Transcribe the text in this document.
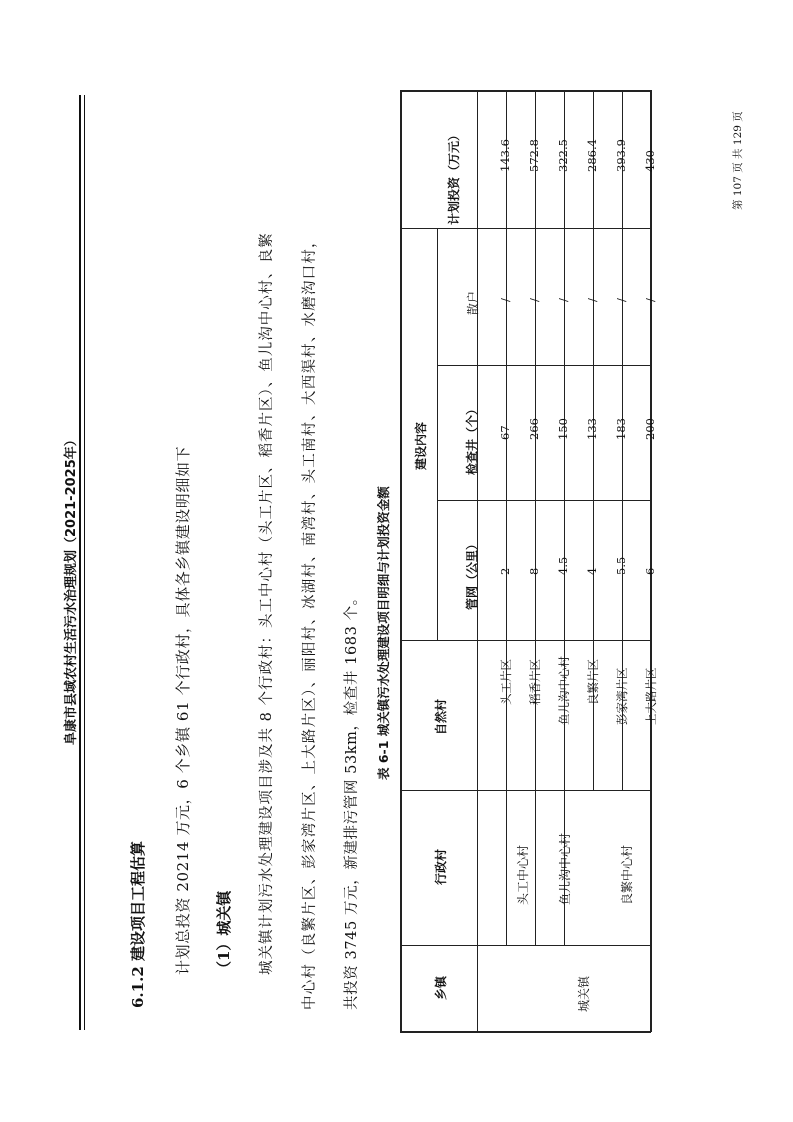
阜康市县域农村生活污水治理规划（2021-2025年）
6.1.2 建设项目工程估算 计划总投资 20214 万元，6 个乡镇 61 个行政村，具体各乡镇建设明细如下 （1）城关镇 城关镇计划污水处理建设项目涉及共 8 个行政村：头工中心村（头工片区、稻香片区）、鱼儿沟中心村、良繁 中心村（良繁片区、彭家湾片区、上大路片区）、丽阳村、冰湖村、南湾村、头工南村、大西渠村、水磨沟口村， 共投资 3745 万元，新建排污管网 53km，检查井 1683 个。 表 6-1 城关镇污水处理建设项目明细与计划投资金额
乡镇
行政村
自然村
建设内容
管网（公里）
检查井（个）
散户
计划投资（万元）
城关镇
头工中心村 鱼儿沟中心村	良繁中心村
头工片区
2
67
/
143.6
稻香片区
8
266
/
572.8
鱼儿沟中心村
4.5
150
/
322.5
良繁片区
4
133
/
286.4
彭家湾片区
5.5
183
/
393.9
上大路片区
6
200
/
430	第 107 页 共 129 页
